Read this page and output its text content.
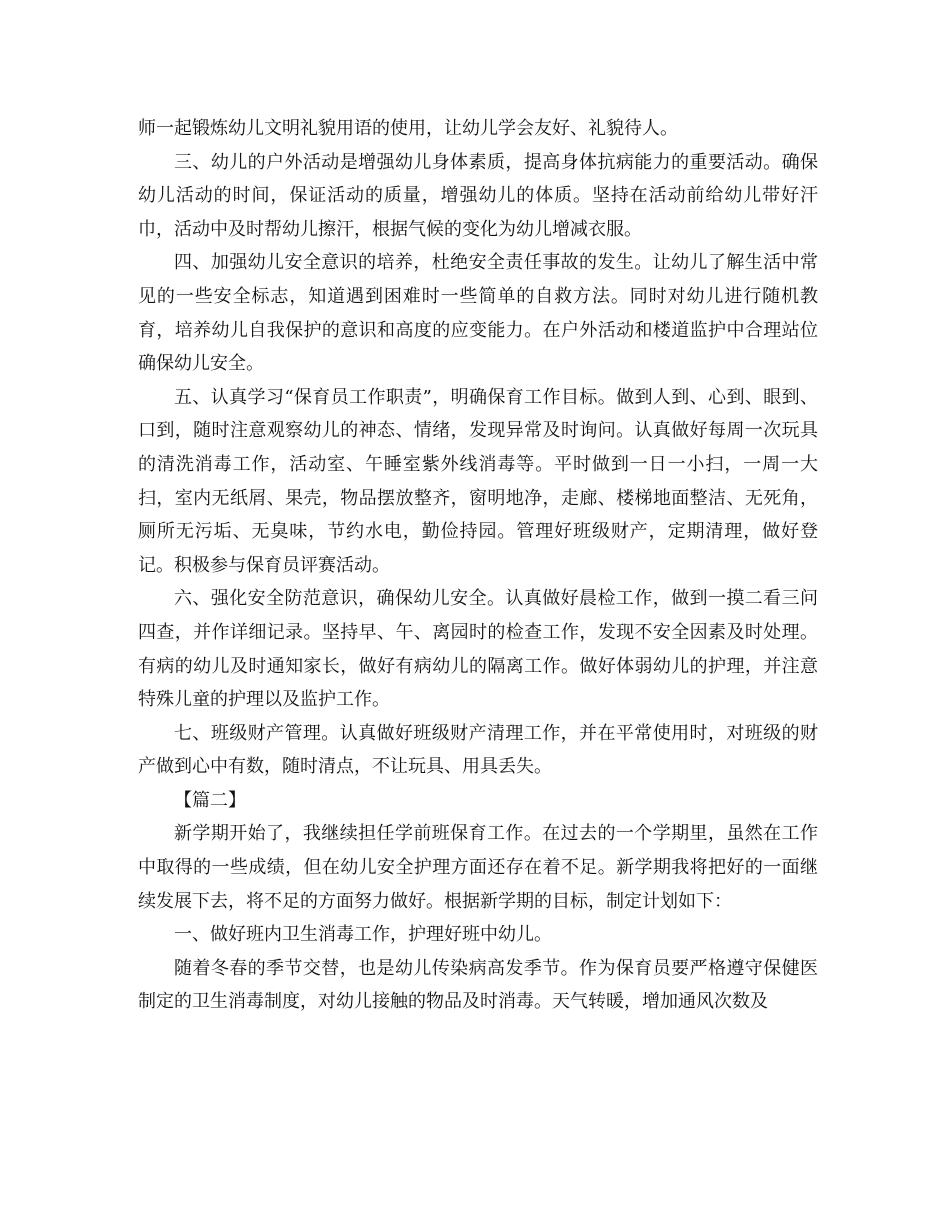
师一起锻炼幼儿文明礼貌用语的使用，让幼儿学会友好、礼貌待人。

三、幼儿的户外活动是增强幼儿身体素质，提高身体抗病能力的重要活动。确保幼儿活动的时间，保证活动的质量，增强幼儿的体质。坚持在活动前给幼儿带好汗巾，活动中及时帮幼儿擦汗，根据气候的变化为幼儿增减衣服。

四、加强幼儿安全意识的培养，杜绝安全责任事故的发生。让幼儿了解生活中常见的一些安全标志，知道遇到困难时一些简单的自救方法。同时对幼儿进行随机教育，培养幼儿自我保护的意识和高度的应变能力。在户外活动和楼道监护中合理站位确保幼儿安全。

五、认真学习“保育员工作职责”，明确保育工作目标。做到人到、心到、眼到、口到，随时注意观察幼儿的神态、情绪，发现异常及时询问。认真做好每周一次玩具的清洗消毒工作，活动室、午睡室紫外线消毒等。平时做到一日一小扫，一周一大扫，室内无纸屑、果壳，物品摆放整齐，窗明地净，走廊、楼梯地面整洁、无死角，厕所无污垢、无臭味，节约水电，勤俭持园。管理好班级财产，定期清理，做好登记。积极参与保育员评赛活动。

六、强化安全防范意识，确保幼儿安全。认真做好晨检工作，做到一摸二看三问四查，并作详细记录。坚持早、午、离园时的检查工作，发现不安全因素及时处理。有病的幼儿及时通知家长，做好有病幼儿的隔离工作。做好体弱幼儿的护理，并注意特殊儿童的护理以及监护工作。

七、班级财产管理。认真做好班级财产清理工作，并在平常使用时，对班级的财产做到心中有数，随时清点，不让玩具、用具丢失。

【篇二】

新学期开始了，我继续担任学前班保育工作。在过去的一个学期里，虽然在工作中取得的一些成绩，但在幼儿安全护理方面还存在着不足。新学期我将把好的一面继续发展下去，将不足的方面努力做好。根据新学期的目标，制定计划如下：

一、做好班内卫生消毒工作，护理好班中幼儿。

随着冬春的季节交替，也是幼儿传染病高发季节。作为保育员要严格遵守保健医制定的卫生消毒制度，对幼儿接触的物品及时消毒。天气转暖，增加通风次数及
